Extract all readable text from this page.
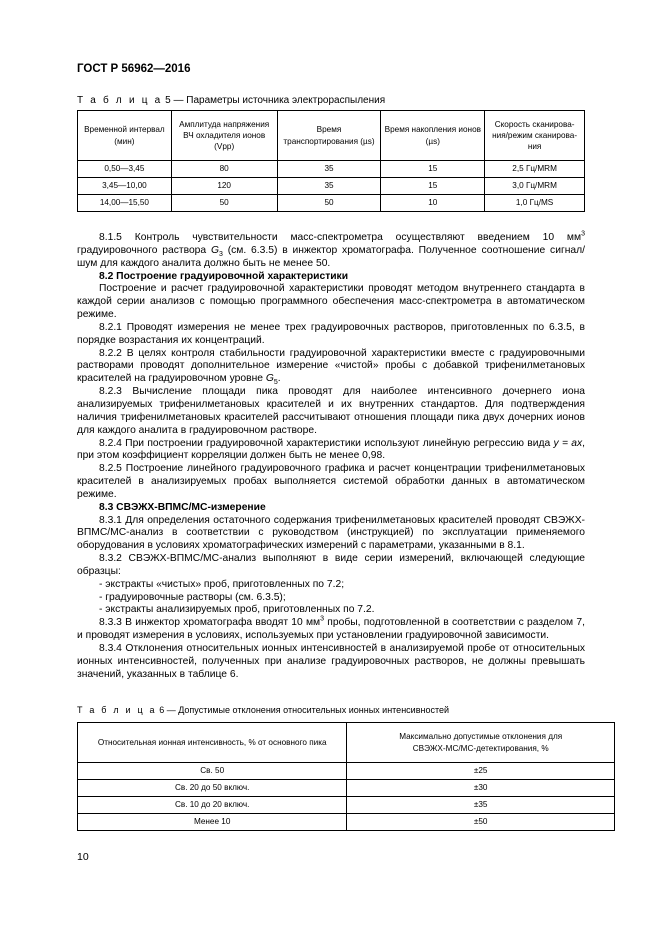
ГОСТ Р 56962—2016
Т а б л и ц а 5 — Параметры источника электрораспыления
Временной интервал (мин)	Амплитуда напряжения ВЧ охладителя ионов (Vpp)	Время транспортирования (µs)	Время накопления ионов (µs)	Скорость сканирова-ния/режим сканирова-ния
0,50—3,45	80	35	15	2,5 Гц/MRM
3,45—10,00	120	35	15	3,0 Гц/MRM
14,00—15,50	50	50	10	1,0 Гц/MS

8.1.5 Контроль чувствительности масс-спектрометра осуществляют введением 10 $мм^3$ градуировочного раствора $G_3$ (см. 6.3.5) в инжектор хроматографа. Полученное соотношение сигнал/шум для каждого аналита должно быть не менее 50.

8.2 Построение градуировочной характеристики

Построение и расчет градуировочной характеристики проводят методом внутреннего стандарта в каждой серии анализов с помощью программного обеспечения масс-спектрометра в автоматическом режиме.

8.2.1 Проводят измерения не менее трех градуировочных растворов, приготовленных по 6.3.5, в порядке возрастания их концентраций.

8.2.2 В целях контроля стабильности градуировочной характеристики вместе с градуировочными растворами проводят дополнительное измерение «чистой» пробы с добавкой трифенилметановых красителей на градуировочном уровне $G_5$.

8.2.3 Вычисление площади пика проводят для наиболее интенсивного дочернего иона анализируемых трифенилметановых красителей и их внутренних стандартов. Для подтверждения наличия трифенилметановых красителей рассчитывают отношения площади пика двух дочерних ионов для каждого аналита в градуировочном растворе.

8.2.4 При построении градуировочной характеристики используют линейную регрессию вида y = ax, при этом коэффициент корреляции должен быть не менее 0,98.

8.2.5 Построение линейного градуировочного графика и расчет концентрации трифенилметановых красителей в анализируемых пробах выполняется системой обработки данных в автоматическом режиме.

8.3 СВЭЖХ-ВПМС/МС-измерение

8.3.1 Для определения остаточного содержания трифенилметановых красителей проводят СВЭЖХ-ВПМС/МС-анализ в соответствии с руководством (инструкцией) по эксплуатации применяемого оборудования в условиях хроматографических измерений с параметрами, указанными в 8.1.

8.3.2 СВЭЖХ-ВПМС/МС-анализ выполняют в виде серии измерений, включающей следующие образцы:

- экстракты «чистых» проб, приготовленных по 7.2;

- градуировочные растворы (см. 6.3.5);

- экстракты анализируемых проб, приготовленных по 7.2.

8.3.3 В инжектор хроматографа вводят 10 $мм^3$ пробы, подготовленной в соответствии с разделом 7, и проводят измерения в условиях, используемых при установлении градуировочной зависимости.

8.3.4 Отклонения относительных ионных интенсивностей в анализируемой пробе от относительных ионных интенсивностей, полученных при анализе градуировочных растворов, не должны превышать значений, указанных в таблице 6.

Т а б л и ц а 6 — Допустимые отклонения относительных ионных интенсивностей
Относительная ионная интенсивность, % от основного пика	Максимально допустимые отклонения для СВЭЖХ-МС/МС-детектирования, %
Св. 50	±25
Св. 20 до 50 включ.	±30
Св. 10 до 20 включ.	±35
Менее 10	±50
10
